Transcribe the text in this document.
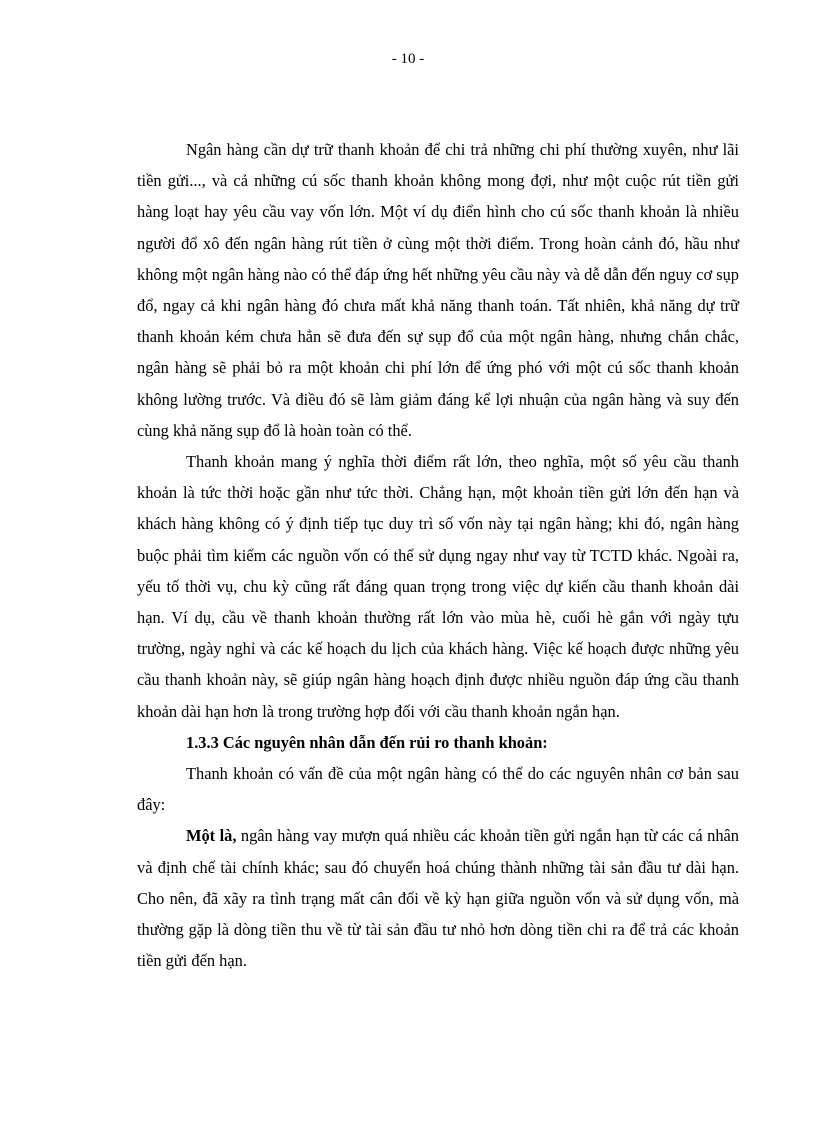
- 10 -

Ngân hàng cần dự trữ thanh khoản để chi trả những chi phí thường xuyên, như lãi tiền gửi..., và cả những cú sốc thanh khoản không mong đợi, như một cuộc rút tiền gửi hàng loạt hay yêu cầu vay vốn lớn. Một ví dụ điển hình cho cú sốc thanh khoản là nhiều người đổ xô đến ngân hàng rút tiền ở cùng một thời điểm. Trong hoàn cảnh đó, hầu như không một ngân hàng nào có thể đáp ứng hết những yêu cầu này và dễ dẫn đến nguy cơ sụp đổ, ngay cả khi ngân hàng đó chưa mất khả năng thanh toán. Tất nhiên, khả năng dự trữ thanh khoản kém chưa hẳn sẽ đưa đến sự sụp đổ của một ngân hàng, nhưng chắn chắc, ngân hàng sẽ phải bỏ ra một khoản chi phí lớn để ứng phó với một cú sốc thanh khoản không lường trước. Và điều đó sẽ làm giảm đáng kể lợi nhuận của ngân hàng và suy đến cùng khả năng sụp đổ là hoàn toàn có thể.

Thanh khoản mang ý nghĩa thời điểm rất lớn, theo nghĩa, một số yêu cầu thanh khoản là tức thời hoặc gần như tức thời. Chẳng hạn, một khoản tiền gửi lớn đến hạn và khách hàng không có ý định tiếp tục duy trì số vốn này tại ngân hàng; khi đó, ngân hàng buộc phải tìm kiếm các nguồn vốn có thể sử dụng ngay như vay từ TCTD khác. Ngoài ra, yếu tố thời vụ, chu kỳ cũng rất đáng quan trọng trong việc dự kiến cầu thanh khoản dài hạn. Ví dụ, cầu về thanh khoản thường rất lớn vào mùa hè, cuối hè gắn với ngày tựu trường, ngày nghỉ và các kế hoạch du lịch của khách hàng. Việc kế hoạch được những yêu cầu thanh khoản này, sẽ giúp ngân hàng hoạch định được nhiều nguồn đáp ứng cầu thanh khoản dài hạn hơn là trong trường hợp đối với cầu thanh khoản ngắn hạn.

1.3.3 Các nguyên nhân dẫn đến rủi ro thanh khoản:

Thanh khoản có vấn đề của một ngân hàng có thể do các nguyên nhân cơ bản sau đây:

Một là, ngân hàng vay mượn quá nhiều các khoản tiền gửi ngắn hạn từ các cá nhân và định chế tài chính khác; sau đó chuyển hoá chúng thành những tài sản đầu tư dài hạn. Cho nên, đã xãy ra tình trạng mất cân đối về kỳ hạn giữa nguồn vốn và sử dụng vốn, mà thường gặp là dòng tiền thu về từ tài sản đầu tư nhỏ hơn dòng tiền chi ra để trả các khoản tiền gửi đến hạn.
